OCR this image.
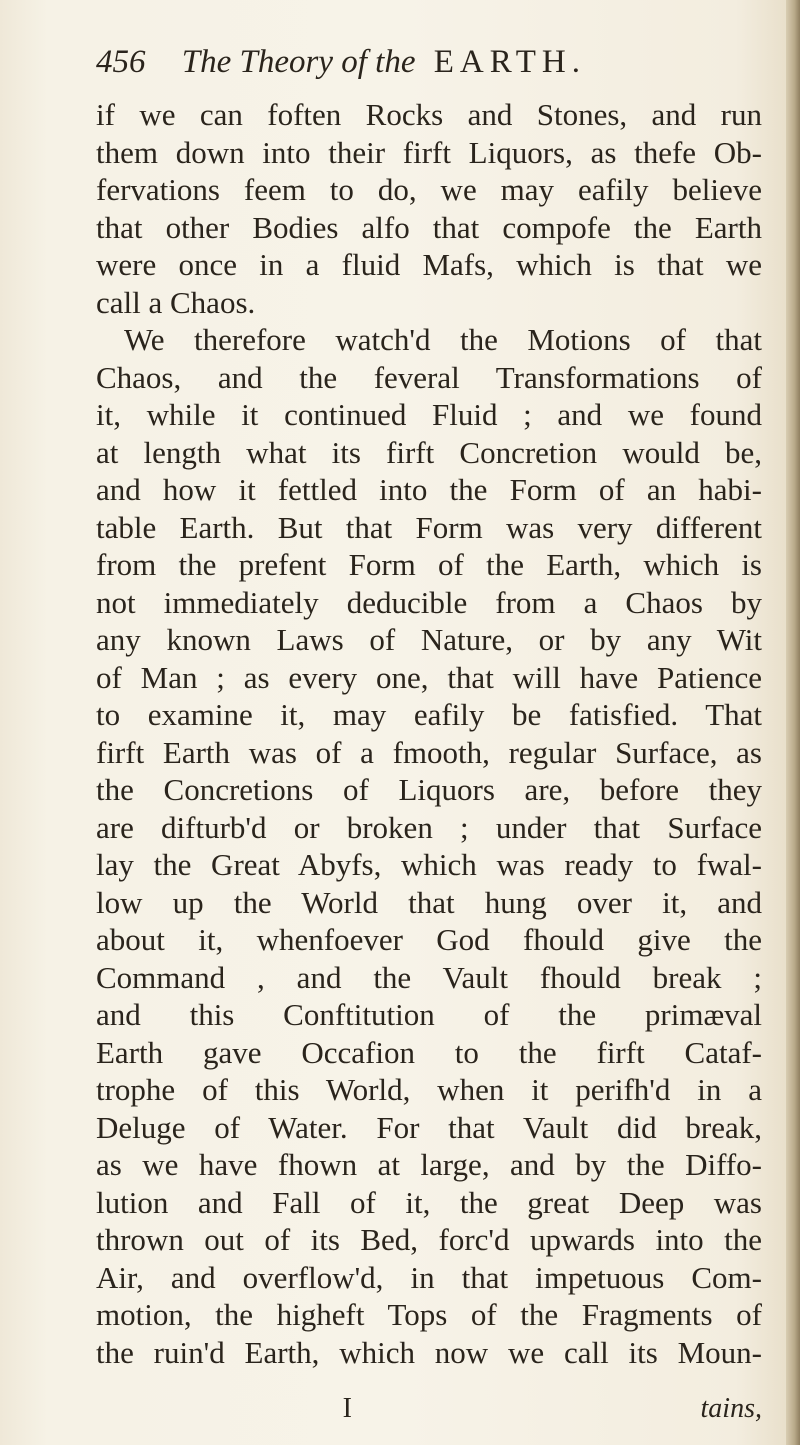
456 The Theory of the EARTH.
if we can foften Rocks and Stones, and run
them down into their firft Liquors, as thefe Ob-
fervations feem to do, we may eafily believe
that other Bodies alfo that compofe the Earth
were once in a fluid Mafs, which is that we
call a Chaos.
We therefore watch'd the Motions of that
Chaos, and the feveral Transformations of
it, while it continued Fluid ; and we found
at length what its firft Concretion would be,
and how it fettled into the Form of an habi-
table Earth. But that Form was very different
from the prefent Form of the Earth, which is
not immediately deducible from a Chaos by
any known Laws of Nature, or by any Wit
of Man ; as every one, that will have Patience
to examine it, may eafily be fatisfied. That
firft Earth was of a fmooth, regular Surface, as
the Concretions of Liquors are, before they
are difturb'd or broken ; under that Surface
lay the Great Abyfs, which was ready to fwal-
low up the World that hung over it, and
about it, whenfoever God fhould give the
Command , and the Vault fhould break ;
and this Conftitution of the primæval
Earth gave Occafion to the firft Cataf-
trophe of this World, when it perifh'd in a
Deluge of Water. For that Vault did break,
as we have fhown at large, and by the Diffo-
lution and Fall of it, the great Deep was
thrown out of its Bed, forc'd upwards into the
Air, and overflow'd, in that impetuous Com-
motion, the higheft Tops of the Fragments of
the ruin'd Earth, which now we call its Moun-
I	tains,
